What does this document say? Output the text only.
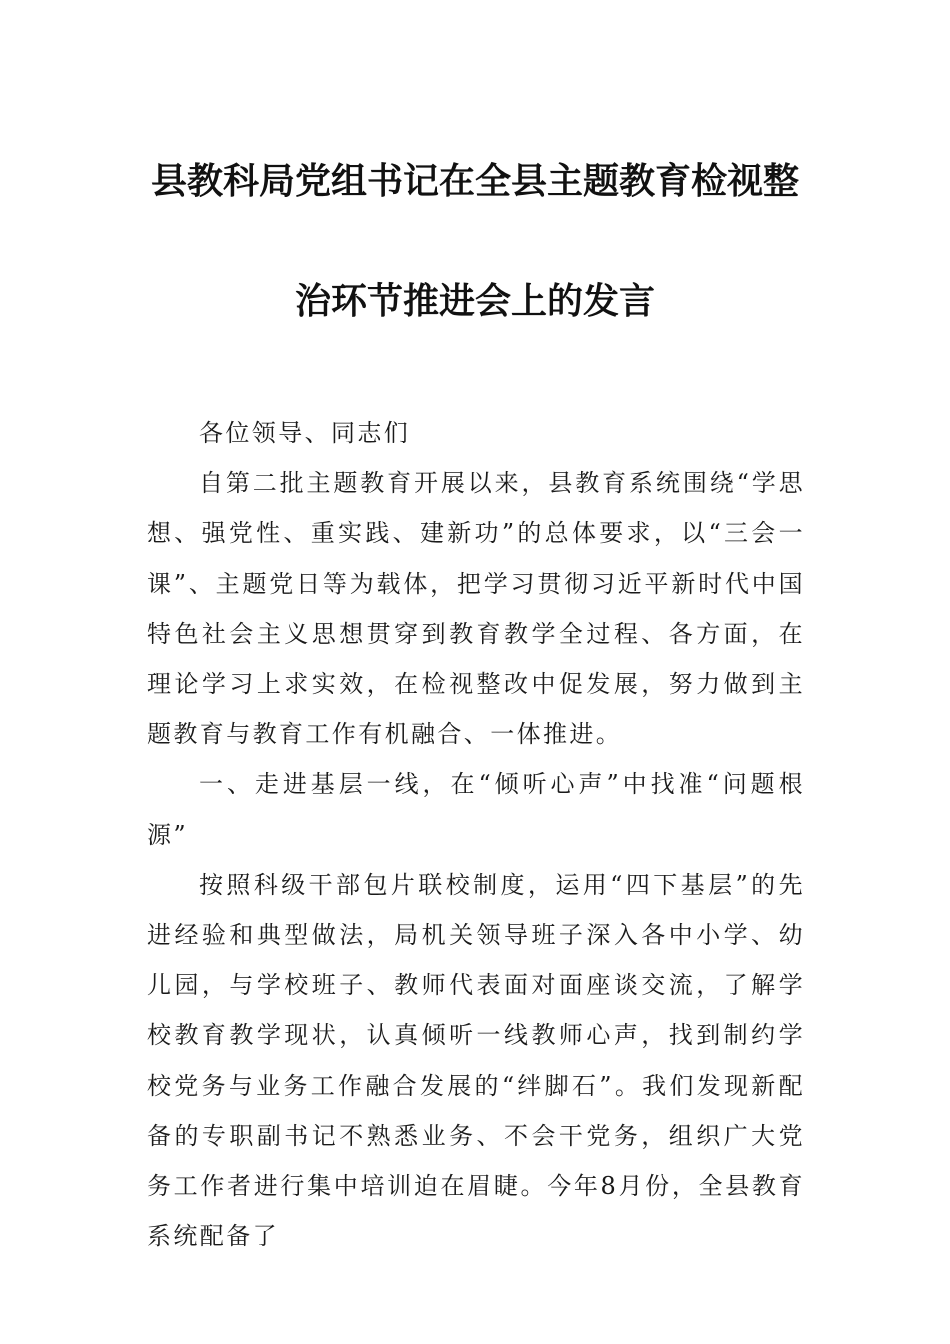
县教科局党组书记在全县主题教育检视整
治环节推进会上的发言

各位领导、同志们

自第二批主题教育开展以来，县教育系统围绕“学思想、强党性、重实践、建新功”的总体要求，以“三会一课”、主题党日等为载体，把学习贯彻习近平新时代中国特色社会主义思想贯穿到教育教学全过程、各方面，在理论学习上求实效，在检视整改中促发展，努力做到主题教育与教育工作有机融合、一体推进。

一、走进基层一线，在“倾听心声”中找准“问题根源”

按照科级干部包片联校制度，运用“四下基层”的先进经验和典型做法，局机关领导班子深入各中小学、幼儿园，与学校班子、教师代表面对面座谈交流，了解学校教育教学现状，认真倾听一线教师心声，找到制约学校党务与业务工作融合发展的“绊脚石”。我们发现新配备的专职副书记不熟悉业务、不会干党务，组织广大党务工作者进行集中培训迫在眉睫。今年8月份，全县教育系统配备了
